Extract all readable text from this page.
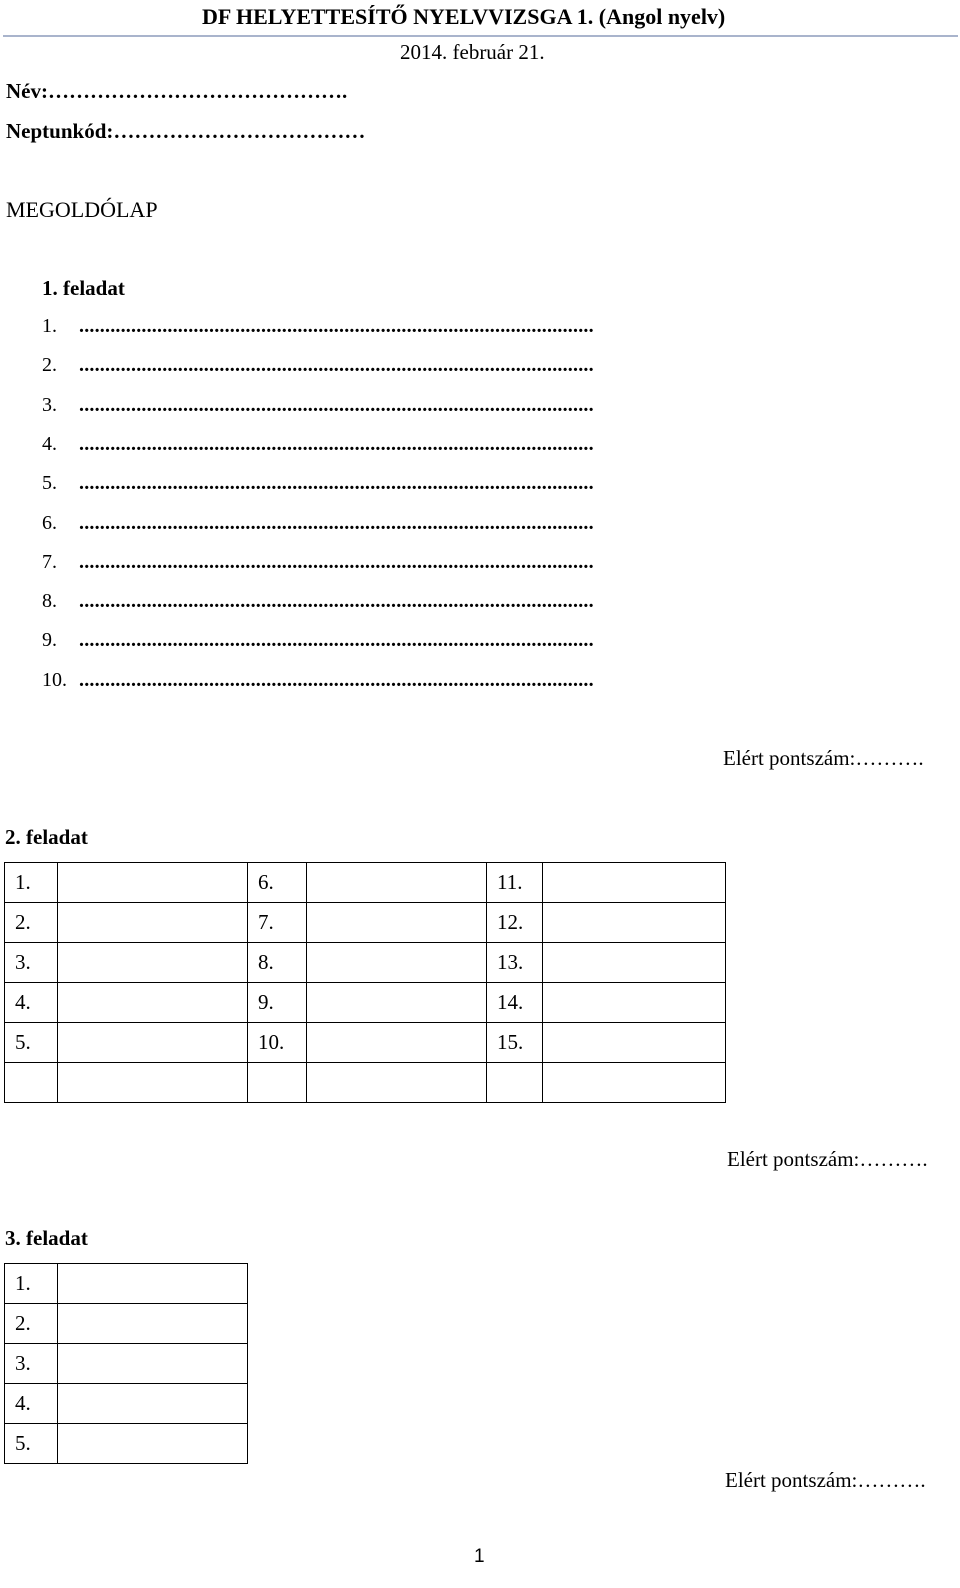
DF HELYETTESÍTŐ NYELVVIZSGA 1. (Angol nyelv)
2014. február 21.
Név:…………………………………….
Neptunkód:………………………………
MEGOLDÓLAP
1. feladat
1. ...................................................................................................
2. ...................................................................................................
3. ...................................................................................................
4. ...................................................................................................
5. ...................................................................................................
6. ...................................................................................................
7. ...................................................................................................
8. ...................................................................................................
9. ...................................................................................................
10. ...................................................................................................
Elért pontszám:……….
2. feladat
1.		6.		11.	
2.		7.		12.	
3.		8.		13.	
4.		9.		14.	
5.		10.		15.	

Elért pontszám:……….
3. feladat
1.	
2.	
3.	
4.	
5.	
Elért pontszám:……….
1
